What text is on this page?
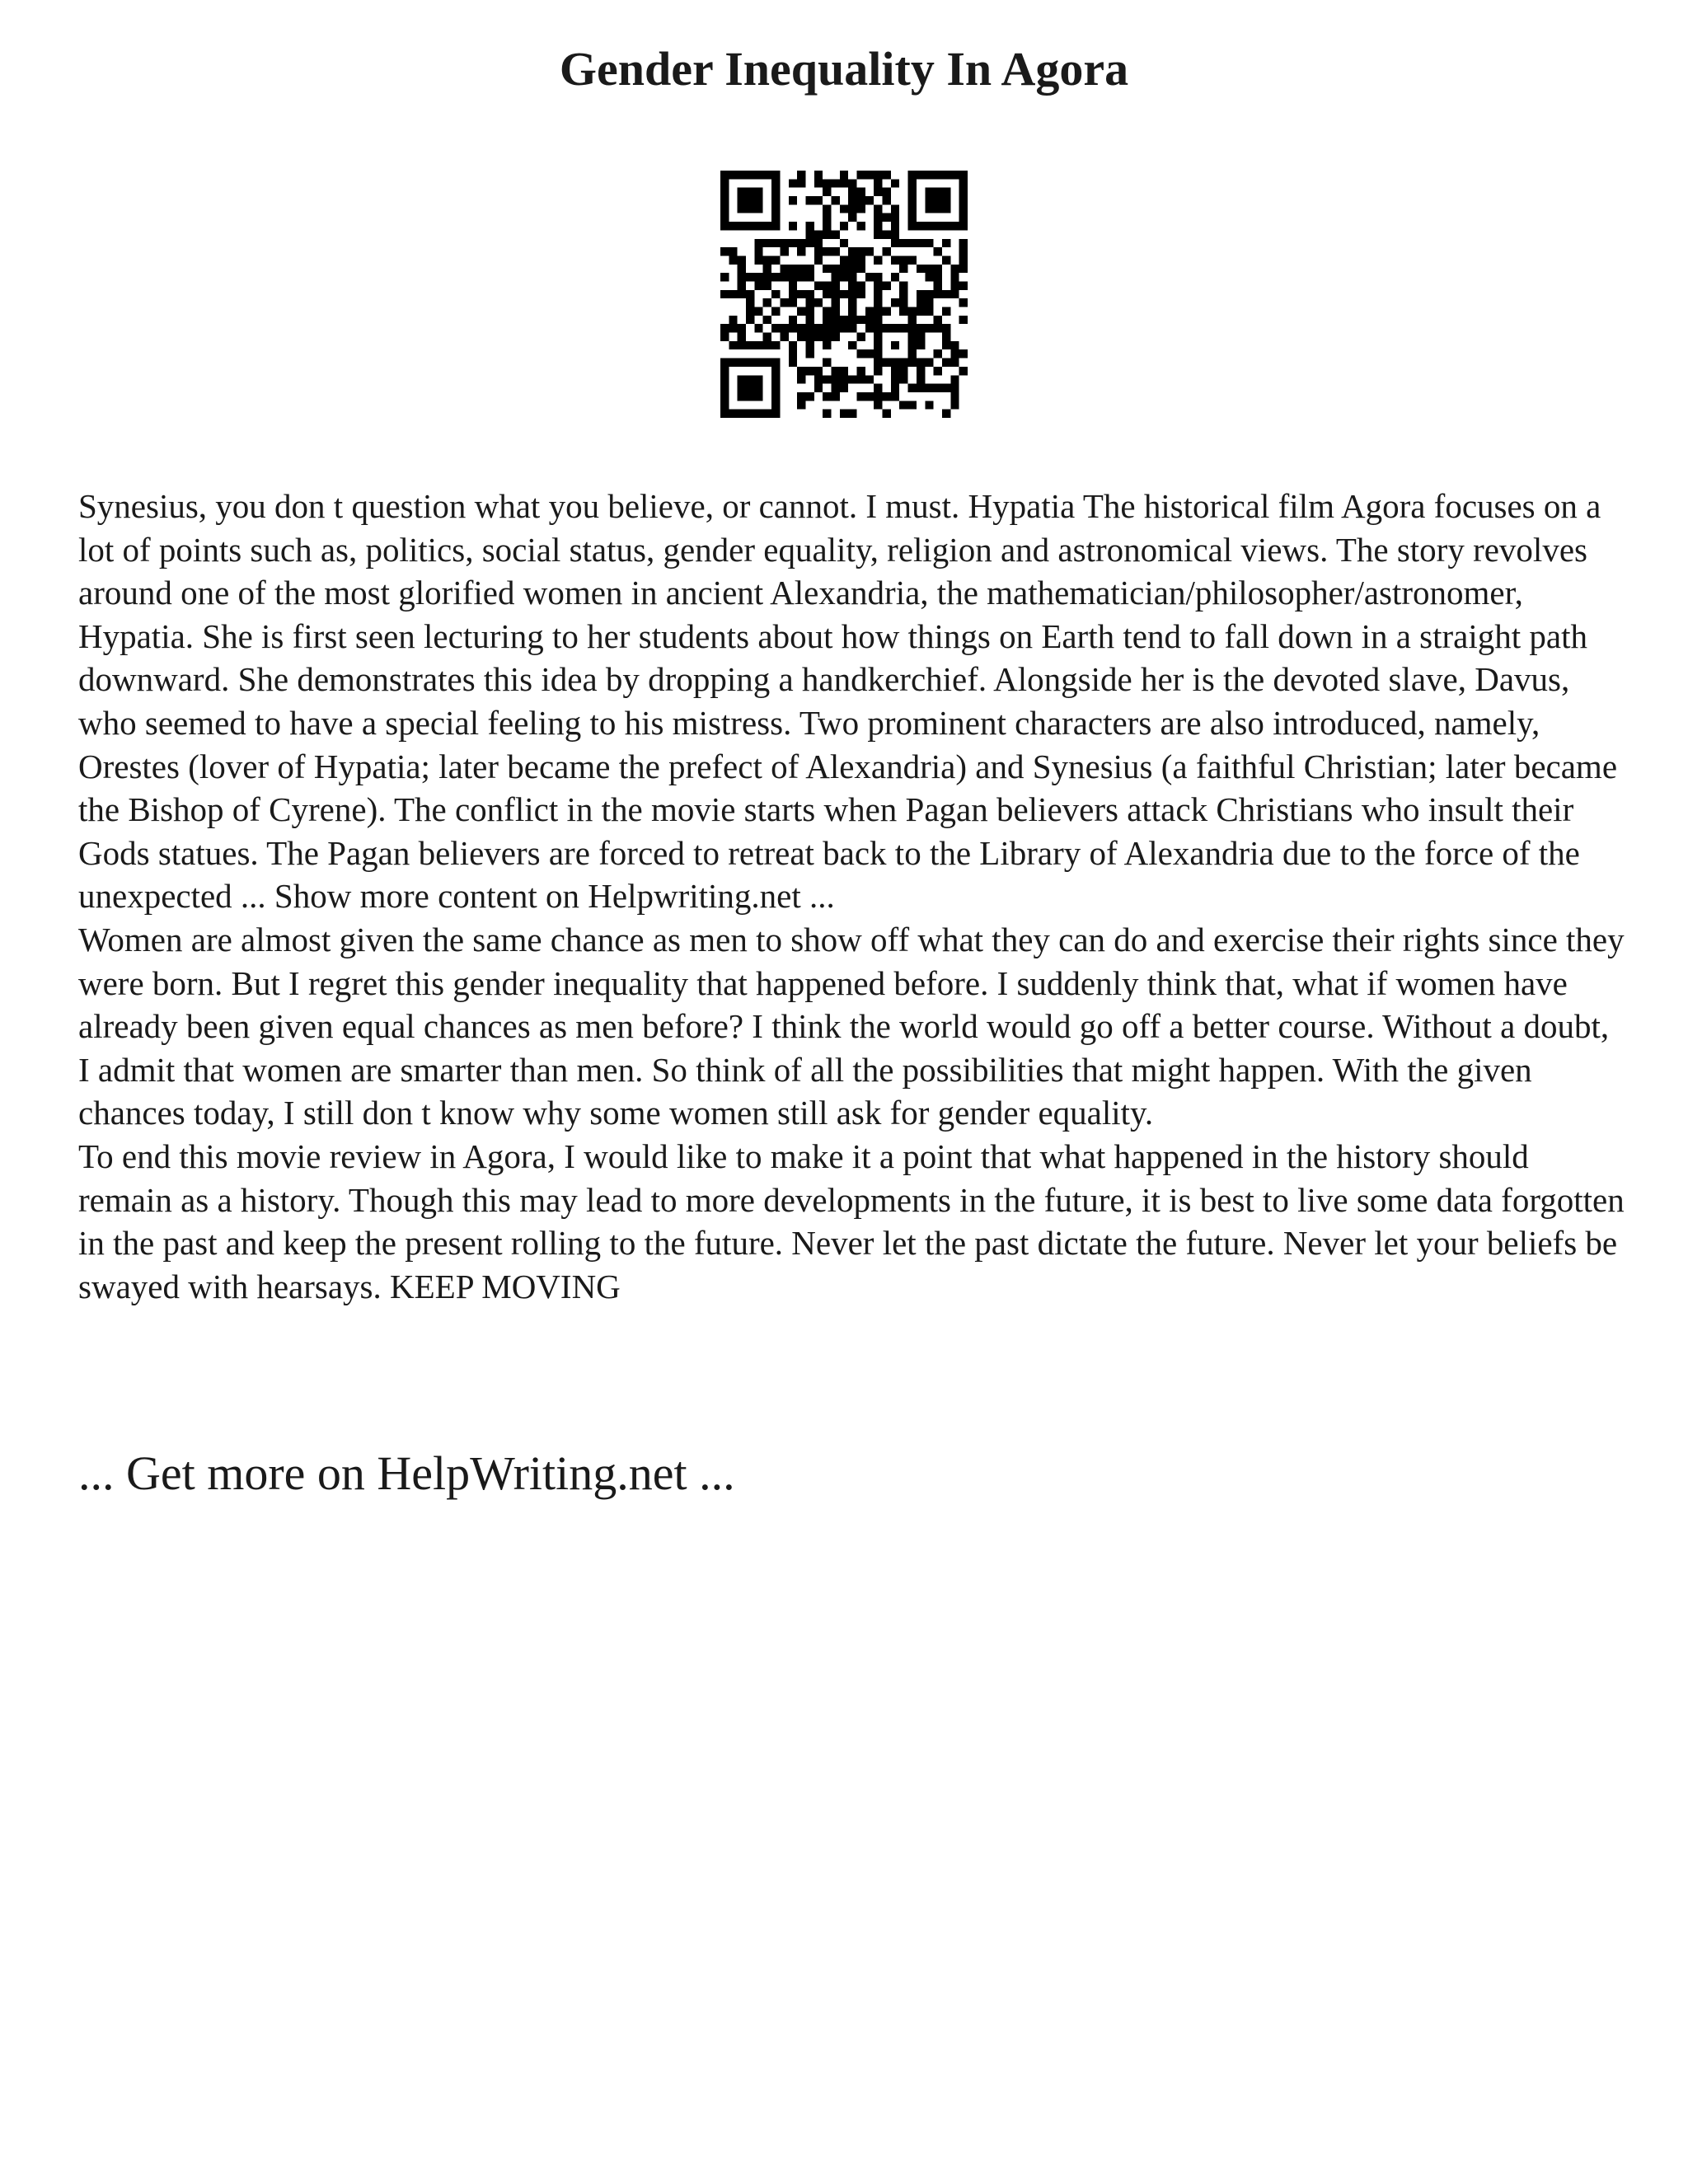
Gender Inequality In Agora

Synesius, you don t question what you believe, or cannot. I must. Hypatia The historical film Agora focuses on a lot of points such as, politics, social status, gender equality, religion and astronomical views. The story revolves around one of the most glorified women in ancient Alexandria, the mathematician/philosopher/astronomer, Hypatia. She is first seen lecturing to her students about how things on Earth tend to fall down in a straight path downward. She demonstrates this idea by dropping a handkerchief. Alongside her is the devoted slave, Davus, who seemed to have a special feeling to his mistress. Two prominent characters are also introduced, namely, Orestes (lover of Hypatia; later became the prefect of Alexandria) and Synesius (a faithful Christian; later became the Bishop of Cyrene). The conflict in the movie starts when Pagan believers attack Christians who insult their Gods statues. The Pagan believers are forced to retreat back to the Library of Alexandria due to the force of the unexpected ... Show more content on Helpwriting.net ...

Women are almost given the same chance as men to show off what they can do and exercise their rights since they were born. But I regret this gender inequality that happened before. I suddenly think that, what if women have already been given equal chances as men before? I think the world would go off a better course. Without a doubt, I admit that women are smarter than men. So think of all the possibilities that might happen. With the given chances today, I still don t know why some women still ask for gender equality.

To end this movie review in Agora, I would like to make it a point that what happened in the history should remain as a history. Though this may lead to more developments in the future, it is best to live some data forgotten in the past and keep the present rolling to the future. Never let the past dictate the future. Never let your beliefs be swayed with hearsays. KEEP MOVING

... Get more on HelpWriting.net ...
